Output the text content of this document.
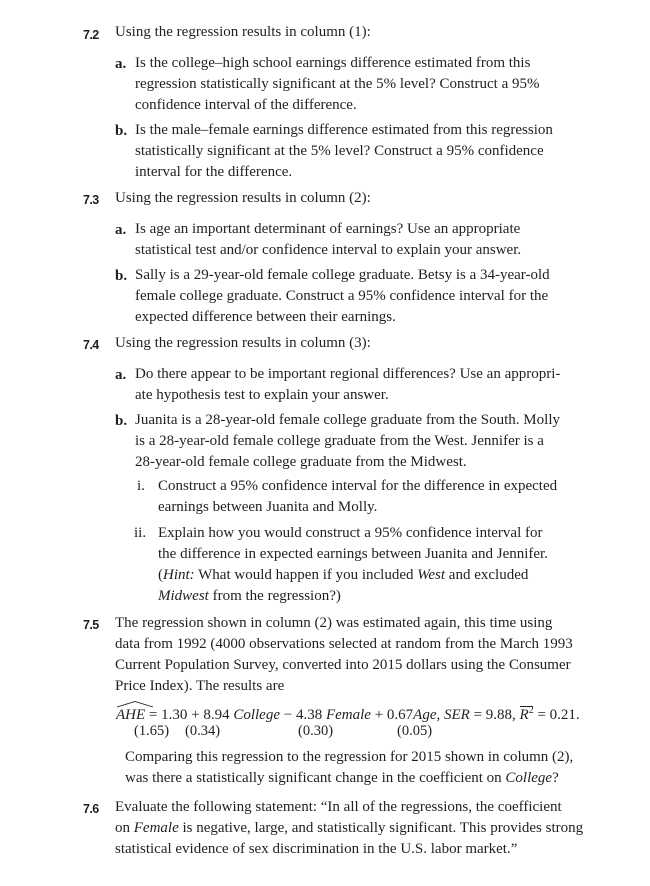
7.2 Using the regression results in column (1):
a. Is the college–high school earnings difference estimated from this
regression statistically significant at the 5% level? Construct a 95%
confidence interval of the difference.
b. Is the male–female earnings difference estimated from this regression
statistically significant at the 5% level? Construct a 95% confidence
interval for the difference.
7.3 Using the regression results in column (2):
a. Is age an important determinant of earnings? Use an appropriate
statistical test and/or confidence interval to explain your answer.
b. Sally is a 29-year-old female college graduate. Betsy is a 34-year-old
female college graduate. Construct a 95% confidence interval for the
expected difference between their earnings.
7.4 Using the regression results in column (3):
a. Do there appear to be important regional differences? Use an appropri-
ate hypothesis test to explain your answer.
b. Juanita is a 28-year-old female college graduate from the South. Molly
is a 28-year-old female college graduate from the West. Jennifer is a
28-year-old female college graduate from the Midwest.
i. Construct a 95% confidence interval for the difference in expected
earnings between Juanita and Molly.
ii. Explain how you would construct a 95% confidence interval for
the difference in expected earnings between Juanita and Jennifer.
(Hint: What would happen if you included West and excluded
Midwest from the regression?)
7.5 The regression shown in column (2) was estimated again, this time using
data from 1992 (4000 observations selected at random from the March 1993
Current Population Survey, converted into 2015 dollars using the Consumer
Price Index). The results are
AHE = 1.30 + 8.94 College − 4.38 Female + 0.67Age, SER = 9.88,
$R^2 = 0.21$.
(1.65) (0.34)	(0.30)	(0.05)
Comparing this regression to the regression for 2015 shown in column (2),
was there a statistically significant change in the coefficient on College?
7.6 Evaluate the following statement: “In all of the regressions, the coefficient
on Female is negative, large, and statistically significant. This provides strong
statistical evidence of sex discrimination in the U.S. labor market.”
